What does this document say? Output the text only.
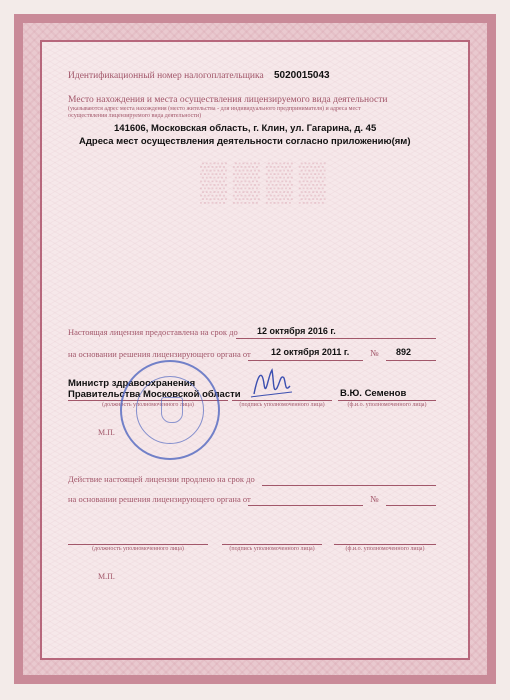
▒▒▒▒
Идентификационный номер налогоплательщика 5020015043
Место нахождения и места осуществления лицензируемого вида деятельности
(указываются адрес места нахождения (место жительства - для индивидуального предпринимателя) и адреса мест
осуществления лицензируемого вида деятельности)
141606, Московская область, г. Клин, ул. Гагарина, д. 45
Адреса мест осуществления деятельности согласно приложению(ям)
Настоящая лицензия предоставлена на срок до 12 октября 2016 г.
на основании решения лицензирующего органа от 12 октября 2011 г. № 892
Министр здравоохранения
Правительства Московской области
(должность уполномоченного лица)	(подпись уполномоченного лица)
В.Ю. Семенов
(ф.и.о. уполномоченного лица)
М.П.
Действие настоящей лицензии продлено на срок до
на основании решения лицензирующего органа от	№
(должность уполномоченного лица)	(подпись уполномоченного лица)	(ф.и.о. уполномоченного лица)
М.П.
